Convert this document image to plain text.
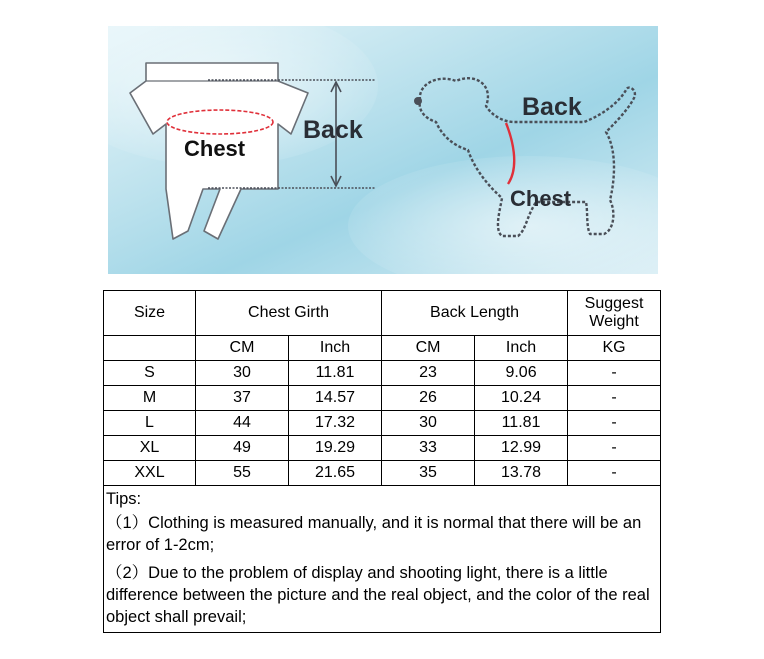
Back
Chest
Back
Chest
Size	Chest Girth		Back Length		Suggest Weight
	CM	Inch	CM	Inch	KG
S	30	11.81	23	9.06	-
M	37	14.57	26	10.24	-
L	44	17.32	30	11.81	-
XL	49	19.29	33	12.99	-
XXL	55	21.65	35	13.78	-

Tips:

（1）Clothing is measured manually, and it is normal that there will be an error of 1-2cm;

（2）Due to the problem of display and shooting light, there is a little difference between the picture and the real object, and the color of the real object shall prevail;					
